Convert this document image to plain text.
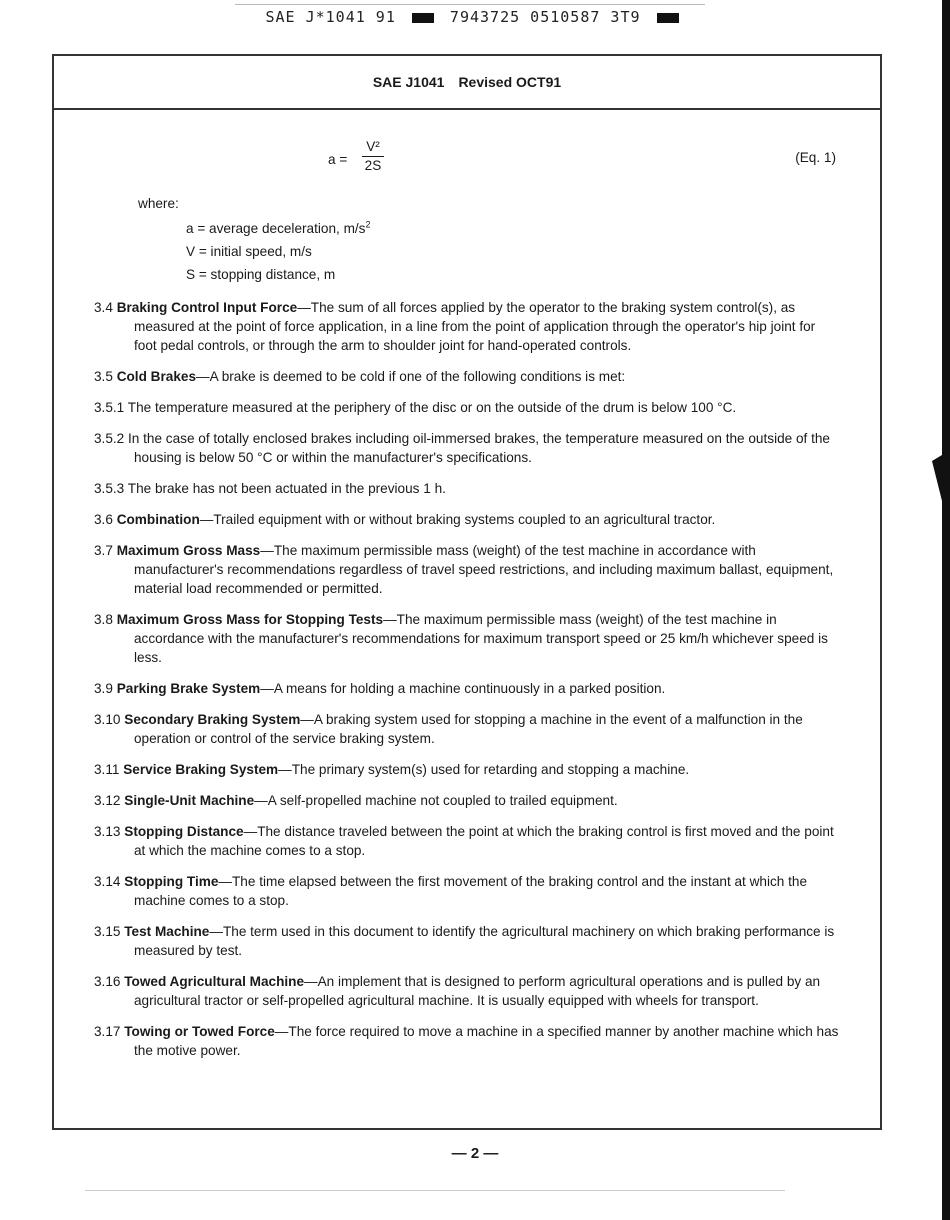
SAE J*1041 91	7943725 0510587 3T9
SAE J1041 Revised OCT91
$a = \frac{\text{V²}}{2S}$	(Eq. 1)
where:
a = average deceleration, $m/s^2$
V = initial speed, m/s
S = stopping distance, m

3.4 Braking Control Input Force—The sum of all forces applied by the operator to the braking system control(s), as measured at the point of force application, in a line from the point of application through the operator's hip joint for foot pedal controls, or through the arm to shoulder joint for hand-operated controls.

3.5 Cold Brakes—A brake is deemed to be cold if one of the following conditions is met:

3.5.1 The temperature measured at the periphery of the disc or on the outside of the drum is below 100 °C.

3.5.2 In the case of totally enclosed brakes including oil-immersed brakes, the temperature measured on the outside of the housing is below 50 °C or within the manufacturer's specifications.

3.5.3 The brake has not been actuated in the previous 1 h.

3.6 Combination—Trailed equipment with or without braking systems coupled to an agricultural tractor.

3.7 Maximum Gross Mass—The maximum permissible mass (weight) of the test machine in accordance with manufacturer's recommendations regardless of travel speed restrictions, and including maximum ballast, equipment, material load recommended or permitted.

3.8 Maximum Gross Mass for Stopping Tests—The maximum permissible mass (weight) of the test machine in accordance with the manufacturer's recommendations for maximum transport speed or 25 km/h whichever speed is less.

3.9 Parking Brake System—A means for holding a machine continuously in a parked position.

3.10 Secondary Braking System—A braking system used for stopping a machine in the event of a malfunction in the operation or control of the service braking system.

3.11 Service Braking System—The primary system(s) used for retarding and stopping a machine.

3.12 Single-Unit Machine—A self-propelled machine not coupled to trailed equipment.

3.13 Stopping Distance—The distance traveled between the point at which the braking control is first moved and the point at which the machine comes to a stop.

3.14 Stopping Time—The time elapsed between the first movement of the braking control and the instant at which the machine comes to a stop.

3.15 Test Machine—The term used in this document to identify the agricultural machinery on which braking performance is measured by test.

3.16 Towed Agricultural Machine—An implement that is designed to perform agricultural operations and is pulled by an agricultural tractor or self-propelled agricultural machine. It is usually equipped with wheels for transport.

3.17 Towing or Towed Force—The force required to move a machine in a specified manner by another machine which has the motive power.

— 2 —
